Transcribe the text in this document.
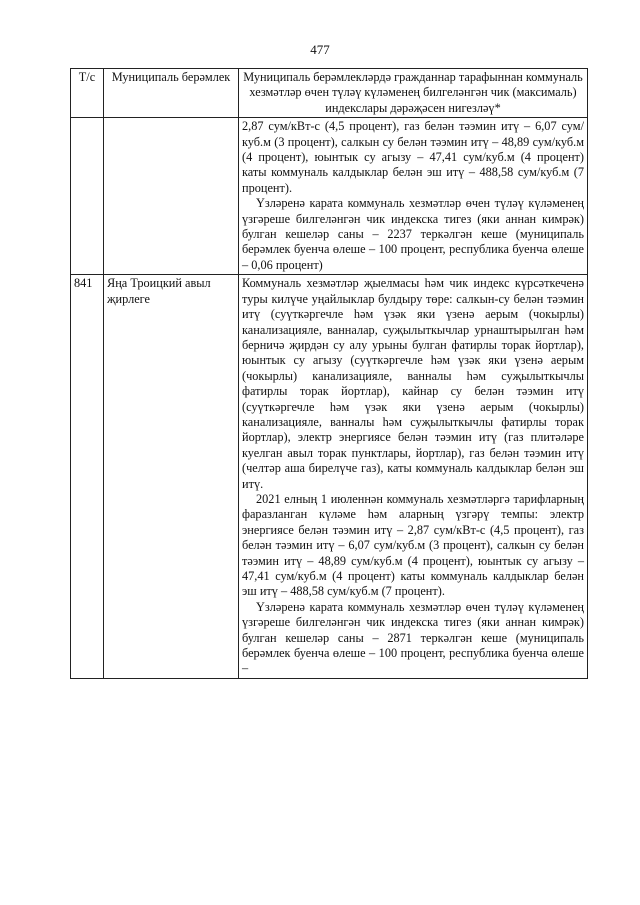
477
Т/с	Муниципаль берәмлек	Муниципаль берәмлекләрдә гражданнар тарафыннан коммуналь хезмәтләр өчен түләү күләменең билгеләнгән чик (максималь) индекслары дәрәҗәсен нигезләү*

		2,87 сум/кВт-с (4,5 процент), газ белән тәэмин итү – 6,07 сум/куб.м (3 процент), салкын су белән тәэмин итү – 48,89 сум/куб.м (4 процент), юынтык су агызу – 47,41 сум/куб.м (4 процент) каты коммуналь калдыклар белән эш итү – 488,58 сум/куб.м (7 процент).

Үзләренә карата коммуналь хезмәтләр өчен түләү күләменең үзгәреше билгеләнгән чик индекска тигез (яки аннан кимрәк) булган кешеләр саны – 2237 теркәлгән кеше (муниципаль берәмлек буенча өлеше – 100 процент, республика буенча өлеше – 0,06 процент)

841	Яңа Троицкий авыл җирлеге	Коммуналь хезмәтләр җыелмасы һәм чик индекс күрсәткеченә туры килүче уңайлыклар булдыру төре: салкын-су белән тәэмин итү (суүткәргечле һәм үзәк яки үзенә аерым (чокырлы) канализацияле, ванналар, суҗылыткычлар урнаштырылган һәм берничә җирдән су алу урыны булган фатирлы торак йортлар), юынтык су агызу (суүткәргечле һәм үзәк яки үзенә аерым (чокырлы) канализацияле, ванналы һәм суҗылыткычлы фатирлы торак йортлар), кайнар су белән тәэмин итү (суүткәргечле һәм үзәк яки үзенә аерым (чокырлы) канализацияле, ванналы һәм суҗылыткычлы фатирлы торак йортлар), электр энергиясе белән тәэмин итү (газ плитәләре куелган авыл торак пунктлары, йортлар), газ белән тәэмин итү (челтәр аша бирелүче газ), каты коммуналь калдыклар белән эш итү.

2021 елның 1 июленнән коммуналь хезмәтләргә тарифларның фаразланган күләме һәм аларның үзгәрү темпы: электр энергиясе белән тәэмин итү – 2,87 сум/кВт-с (4,5 процент), газ белән тәэмин итү – 6,07 сум/куб.м (3 процент), салкын су белән тәэмин итү – 48,89 сум/куб.м (4 процент), юынтык су агызу – 47,41 сум/куб.м (4 процент) каты коммуналь калдыклар белән эш итү – 488,58 сум/куб.м (7 процент).

Үзләренә карата коммуналь хезмәтләр өчен түләү күләменең үзгәреше билгеләнгән чик индекска тигез (яки аннан кимрәк) булган кешеләр саны – 2871 теркәлгән кеше (муниципаль берәмлек буенча өлеше – 100 процент, республика буенча өлеше –
